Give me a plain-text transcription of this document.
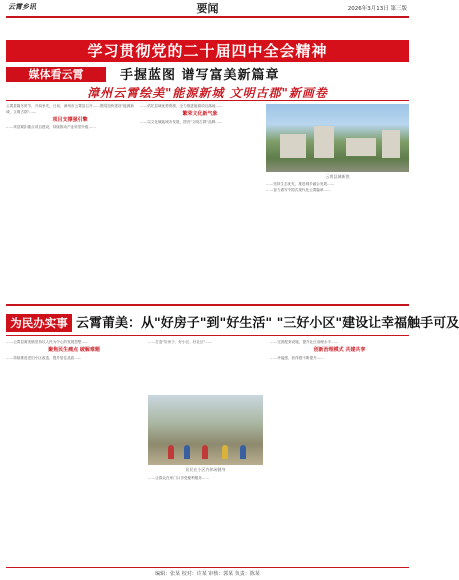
云霄乡讯	要闻	2026年3月13日 第三版
学习贯彻党的二十届四中全会精神
媒体看云霄	手握蓝图 谱写富美新篇章
漳州云霄绘美"能源新城 文明古郡"新画卷
云霄县隆冬时节，开局争先，日前，漳州市云霄县召开……围绕加快建设"能源新城、文明古郡"……
项目支撑强引擎
……该县紧扣重点项目建设，持续推动产业转型升级……
……依托县域优势资源，全力推进能源项目落地……
繁荣文化新气象
……以文化赋能城市发展，擦亮"文明古郡"品牌……
云霄县城新貌
……坚持生态优先，推进城乡融合发展……
……奋力谱写中国式现代化云霄篇章……
为民办实事 云霄莆美：从"好房子"到"好生活" "三好小区"建设让幸福触手可及
……云霄县莆美镇坚持以人民为中心的发展思想……
聚焦民生痛点 破解难题
……持续推进老旧小区改造，提升居住品质……
……打造"好房子、好小区、好社区"……
居民在小区内休闲健身
……让群众在家门口享受便利服务……
……完善配套设施，提升社区治理水平……
创新治理模式 共建共享
……幸福感、获得感不断提升……
编辑：张某 校对：许某 审核：郭某 负责：陈某
